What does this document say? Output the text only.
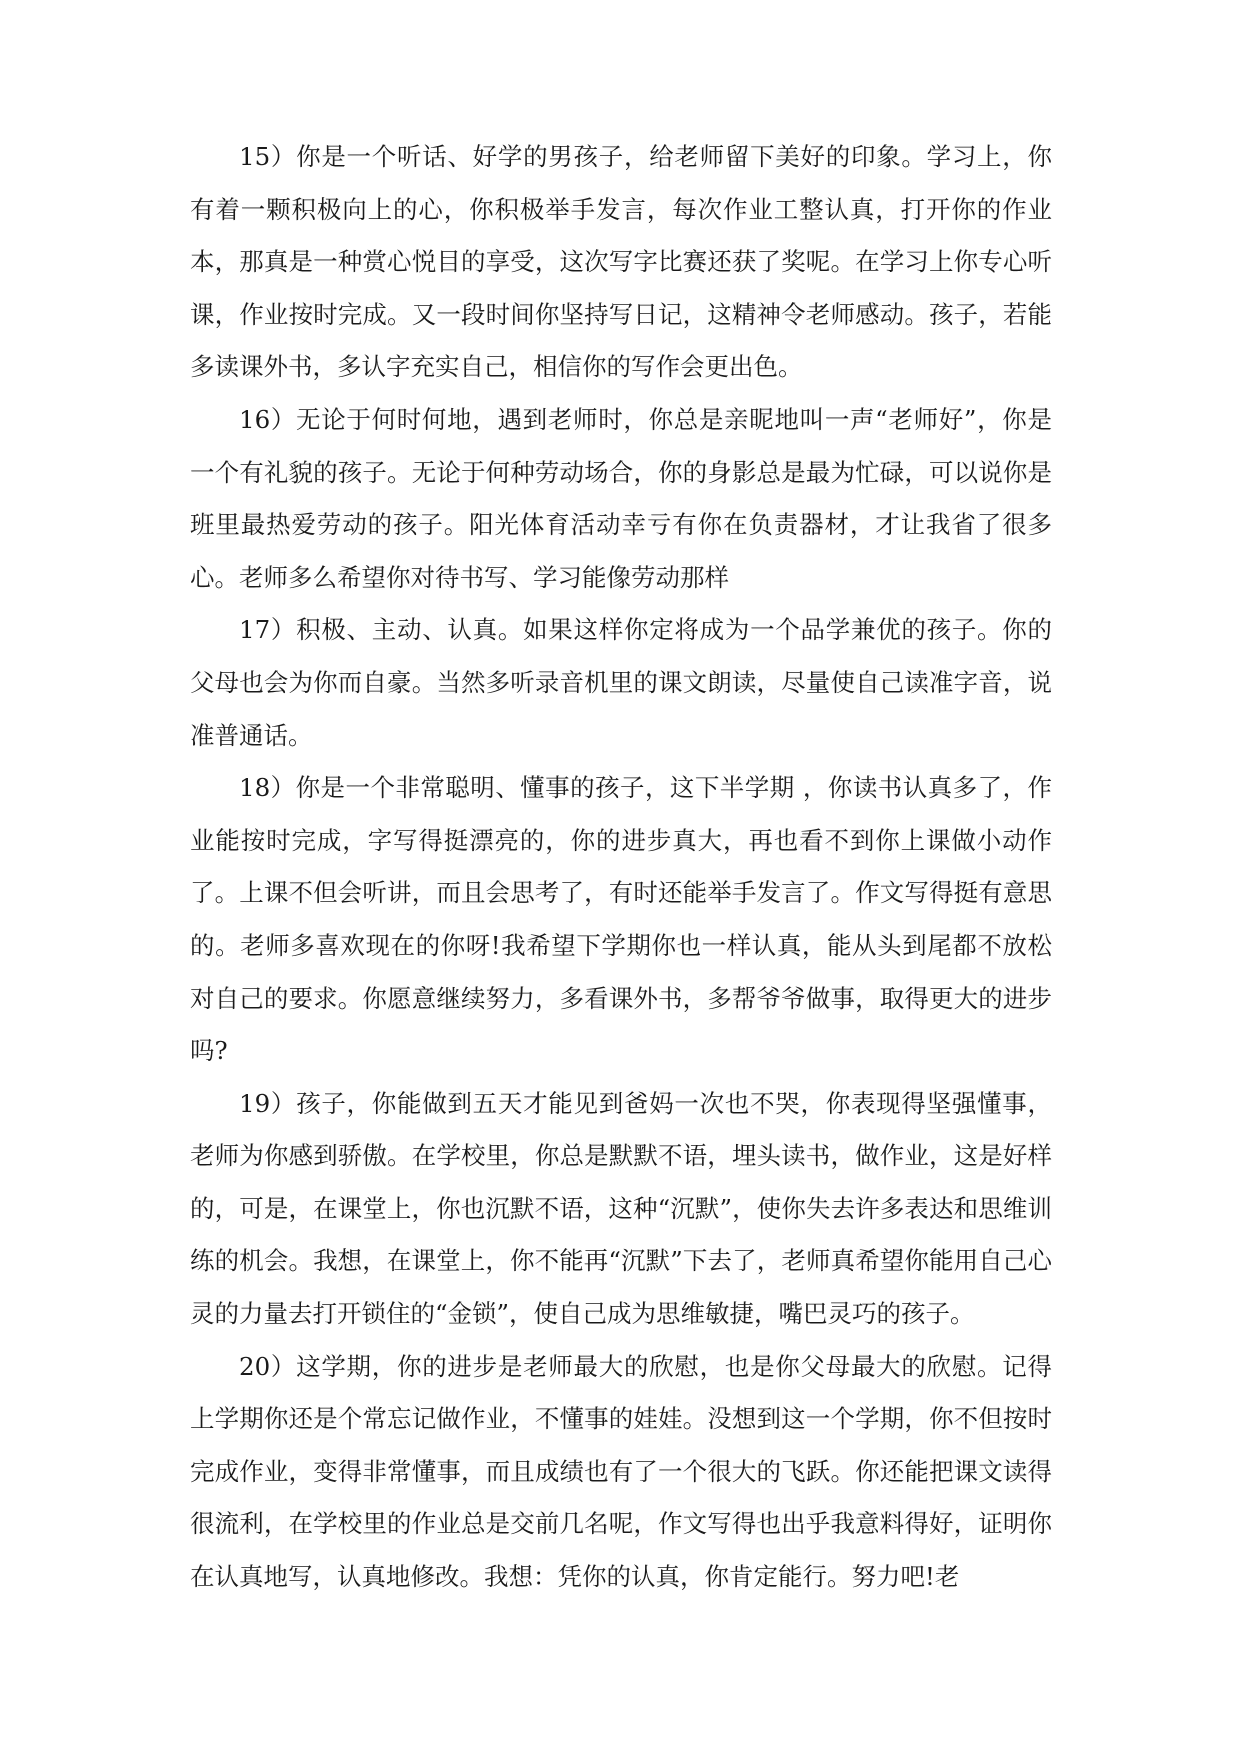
15）你是一个听话、好学的男孩子，给老师留下美好的印象。学习上，你有着一颗积极向上的心，你积极举手发言，每次作业工整认真，打开你的作业本，那真是一种赏心悦目的享受，这次写字比赛还获了奖呢。在学习上你专心听课，作业按时完成。又一段时间你坚持写日记，这精神令老师感动。孩子，若能多读课外书，多认字充实自己，相信你的写作会更出色。

16）无论于何时何地，遇到老师时，你总是亲昵地叫一声“老师好”，你是一个有礼貌的孩子。无论于何种劳动场合，你的身影总是最为忙碌，可以说你是班里最热爱劳动的孩子。阳光体育活动幸亏有你在负责器材，才让我省了很多心。老师多么希望你对待书写、学习能像劳动那样

17）积极、主动、认真。如果这样你定将成为一个品学兼优的孩子。你的父母也会为你而自豪。当然多听录音机里的课文朗读，尽量使自己读准字音，说准普通话。

18）你是一个非常聪明、懂事的孩子，这下半学期 ，你读书认真多了，作业能按时完成，字写得挺漂亮的，你的进步真大，再也看不到你上课做小动作了。上课不但会听讲，而且会思考了，有时还能举手发言了。作文写得挺有意思的。老师多喜欢现在的你呀!我希望下学期你也一样认真，能从头到尾都不放松对自己的要求。你愿意继续努力，多看课外书，多帮爷爷做事，取得更大的进步吗?

19）孩子，你能做到五天才能见到爸妈一次也不哭，你表现得坚强懂事，老师为你感到骄傲。在学校里，你总是默默不语，埋头读书，做作业，这是好样的，可是，在课堂上，你也沉默不语，这种“沉默”，使你失去许多表达和思维训练的机会。我想，在课堂上，你不能再“沉默”下去了，老师真希望你能用自己心灵的力量去打开锁住的“金锁”，使自己成为思维敏捷，嘴巴灵巧的孩子。

20）这学期，你的进步是老师最大的欣慰，也是你父母最大的欣慰。记得上学期你还是个常忘记做作业，不懂事的娃娃。没想到这一个学期，你不但按时完成作业，变得非常懂事，而且成绩也有了一个很大的飞跃。你还能把课文读得很流利，在学校里的作业总是交前几名呢，作文写得也出乎我意料得好，证明你在认真地写，认真地修改。我想：凭你的认真，你肯定能行。努力吧!老
